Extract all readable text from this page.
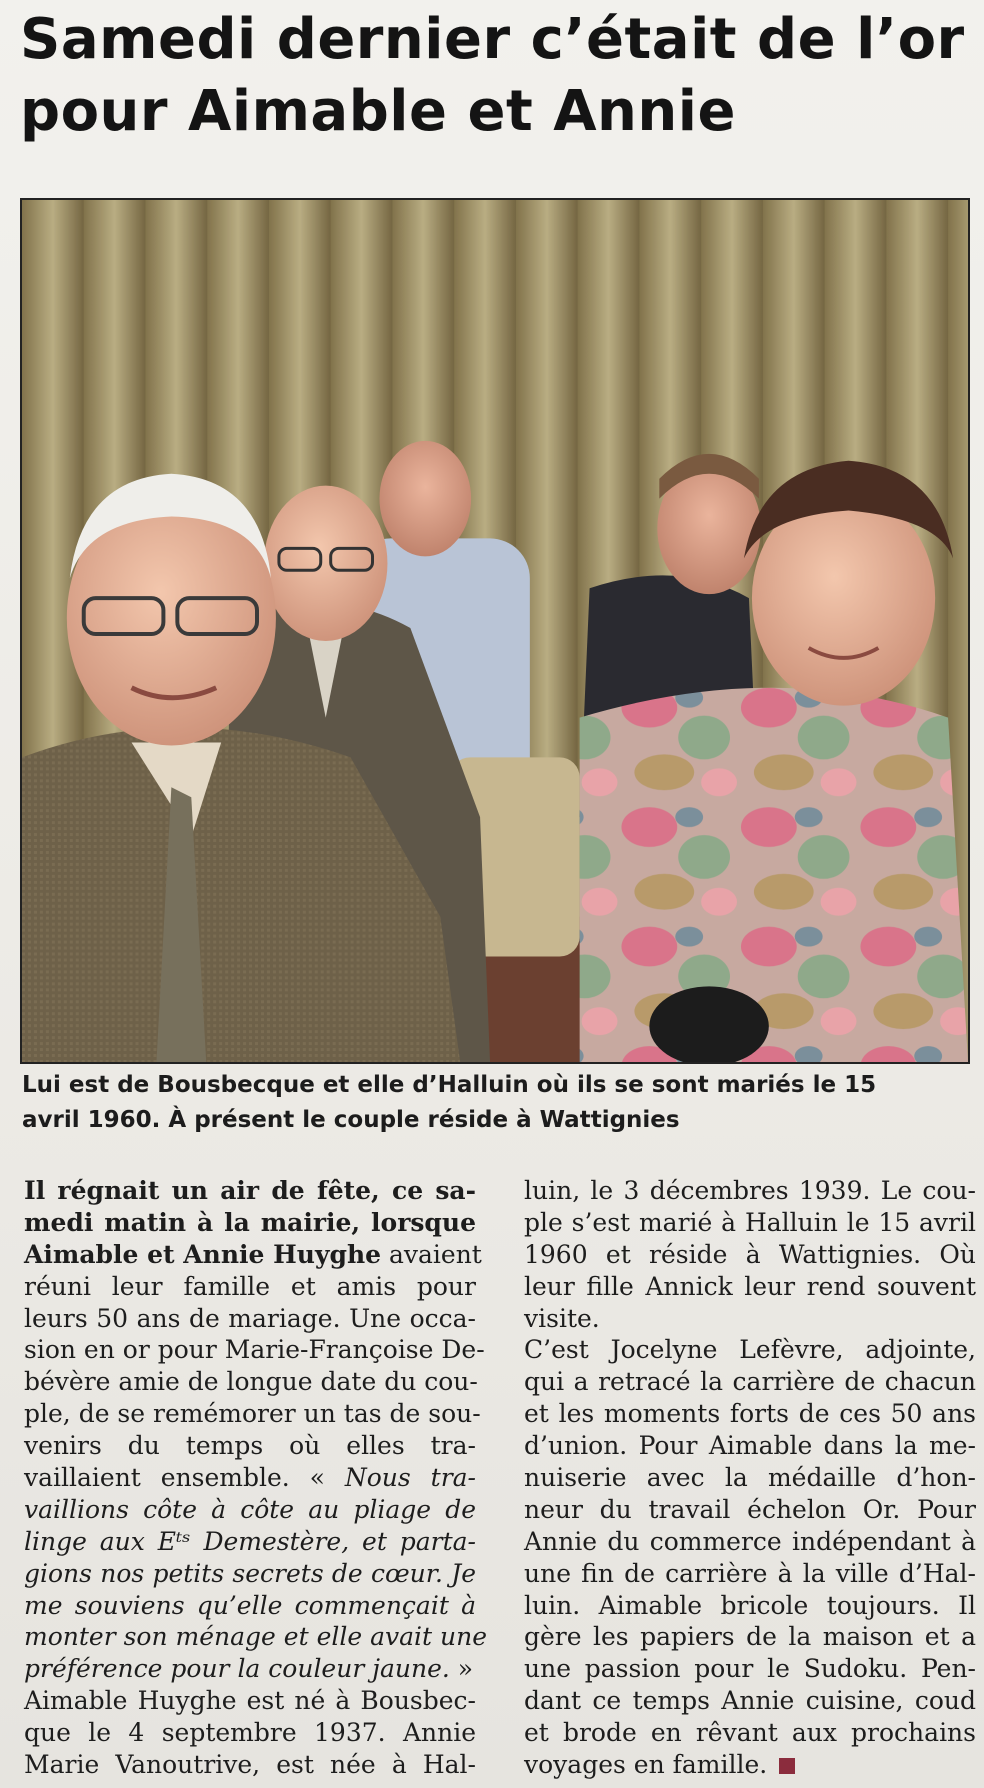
Samedi dernier c’était de l’or
pour Aimable et Annie

Lui est de Bousbecque et elle d’Halluin où ils se sont mariés le 15
avril 1960. À présent le couple réside à Wattignies

Il régnait un air de fête, ce sa-
medi matin à la mairie, lorsque
Aimable et Annie Huyghe avaient
réuni leur famille et amis pour
leurs 50 ans de mariage. Une occa-
sion en or pour Marie-Françoise De-
bévère amie de longue date du cou-
ple, de se remémorer un tas de sou-
venirs du temps où elles tra-
vaillaient ensemble. « Nous tra-
vaillions côte à côte au pliage de
linge aux Eᵗˢ Demestère, et parta-
gions nos petits secrets de cœur. Je
me souviens qu’elle commençait à
monter son ménage et elle avait une
préférence pour la couleur jaune. »
Aimable Huyghe est né à Bousbec-
que le 4 septembre 1937. Annie
Marie Vanoutrive, est née à Hal-
luin, le 3 décembres 1939. Le cou-
ple s’est marié à Halluin le 15 avril
1960 et réside à Wattignies. Où
leur fille Annick leur rend souvent
visite.
C’est Jocelyne Lefèvre, adjointe,
qui a retracé la carrière de chacun
et les moments forts de ces 50 ans
d’union. Pour Aimable dans la me-
nuiserie avec la médaille d’hon-
neur du travail échelon Or. Pour
Annie du commerce indépendant à
une fin de carrière à la ville d’Hal-
luin. Aimable bricole toujours. Il
gère les papiers de la maison et a
une passion pour le Sudoku. Pen-
dant ce temps Annie cuisine, coud
et brode en rêvant aux prochains
voyages en famille.
